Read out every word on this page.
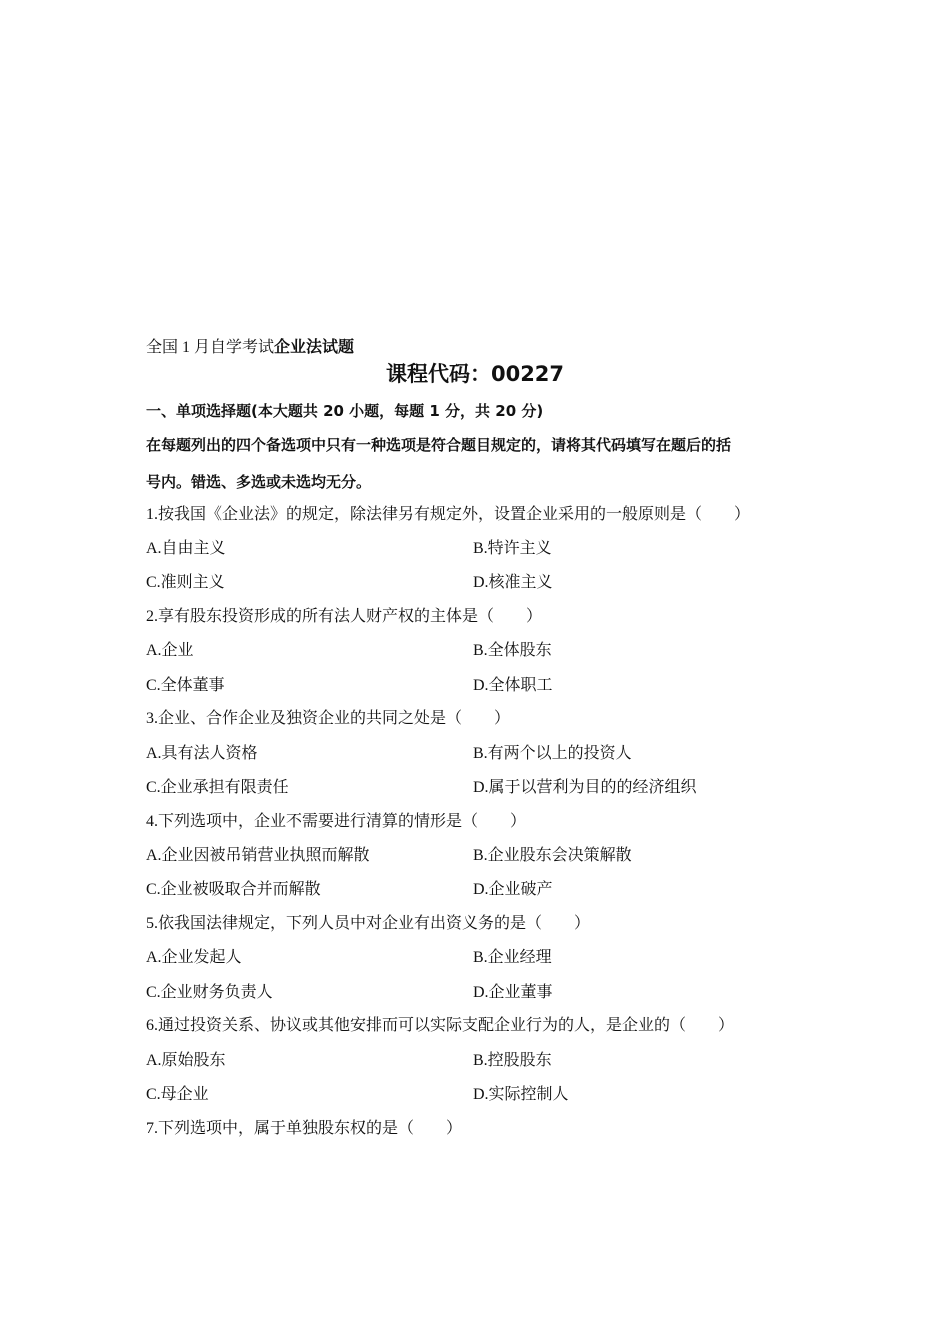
全国 1 月自学考试企业法试题
课程代码：00227
一、单项选择题(本大题共 20 小题，每题 1 分，共 20 分)
在每题列出的四个备选项中只有一种选项是符合题目规定的，请将其代码填写在题后的括
号内。错选、多选或未选均无分。
1.按我国《企业法》的规定，除法律另有规定外，设置企业采用的一般原则是（　　）
A.自由主义	B.特许主义
C.准则主义	D.核准主义
2.享有股东投资形成的所有法人财产权的主体是（　　）
A.企业	B.全体股东
C.全体董事	D.全体职工
3.企业、合作企业及独资企业的共同之处是（　　）
A.具有法人资格	B.有两个以上的投资人
C.企业承担有限责任	D.属于以营利为目的的经济组织
4.下列选项中，企业不需要进行清算的情形是（　　）
A.企业因被吊销营业执照而解散	B.企业股东会决策解散
C.企业被吸取合并而解散	D.企业破产
5.依我国法律规定，下列人员中对企业有出资义务的是（　　）
A.企业发起人	B.企业经理
C.企业财务负责人	D.企业董事
6.通过投资关系、协议或其他安排而可以实际支配企业行为的人，是企业的（　　）
A.原始股东	B.控股股东
C.母企业	D.实际控制人
7.下列选项中，属于单独股东权的是（　　）
